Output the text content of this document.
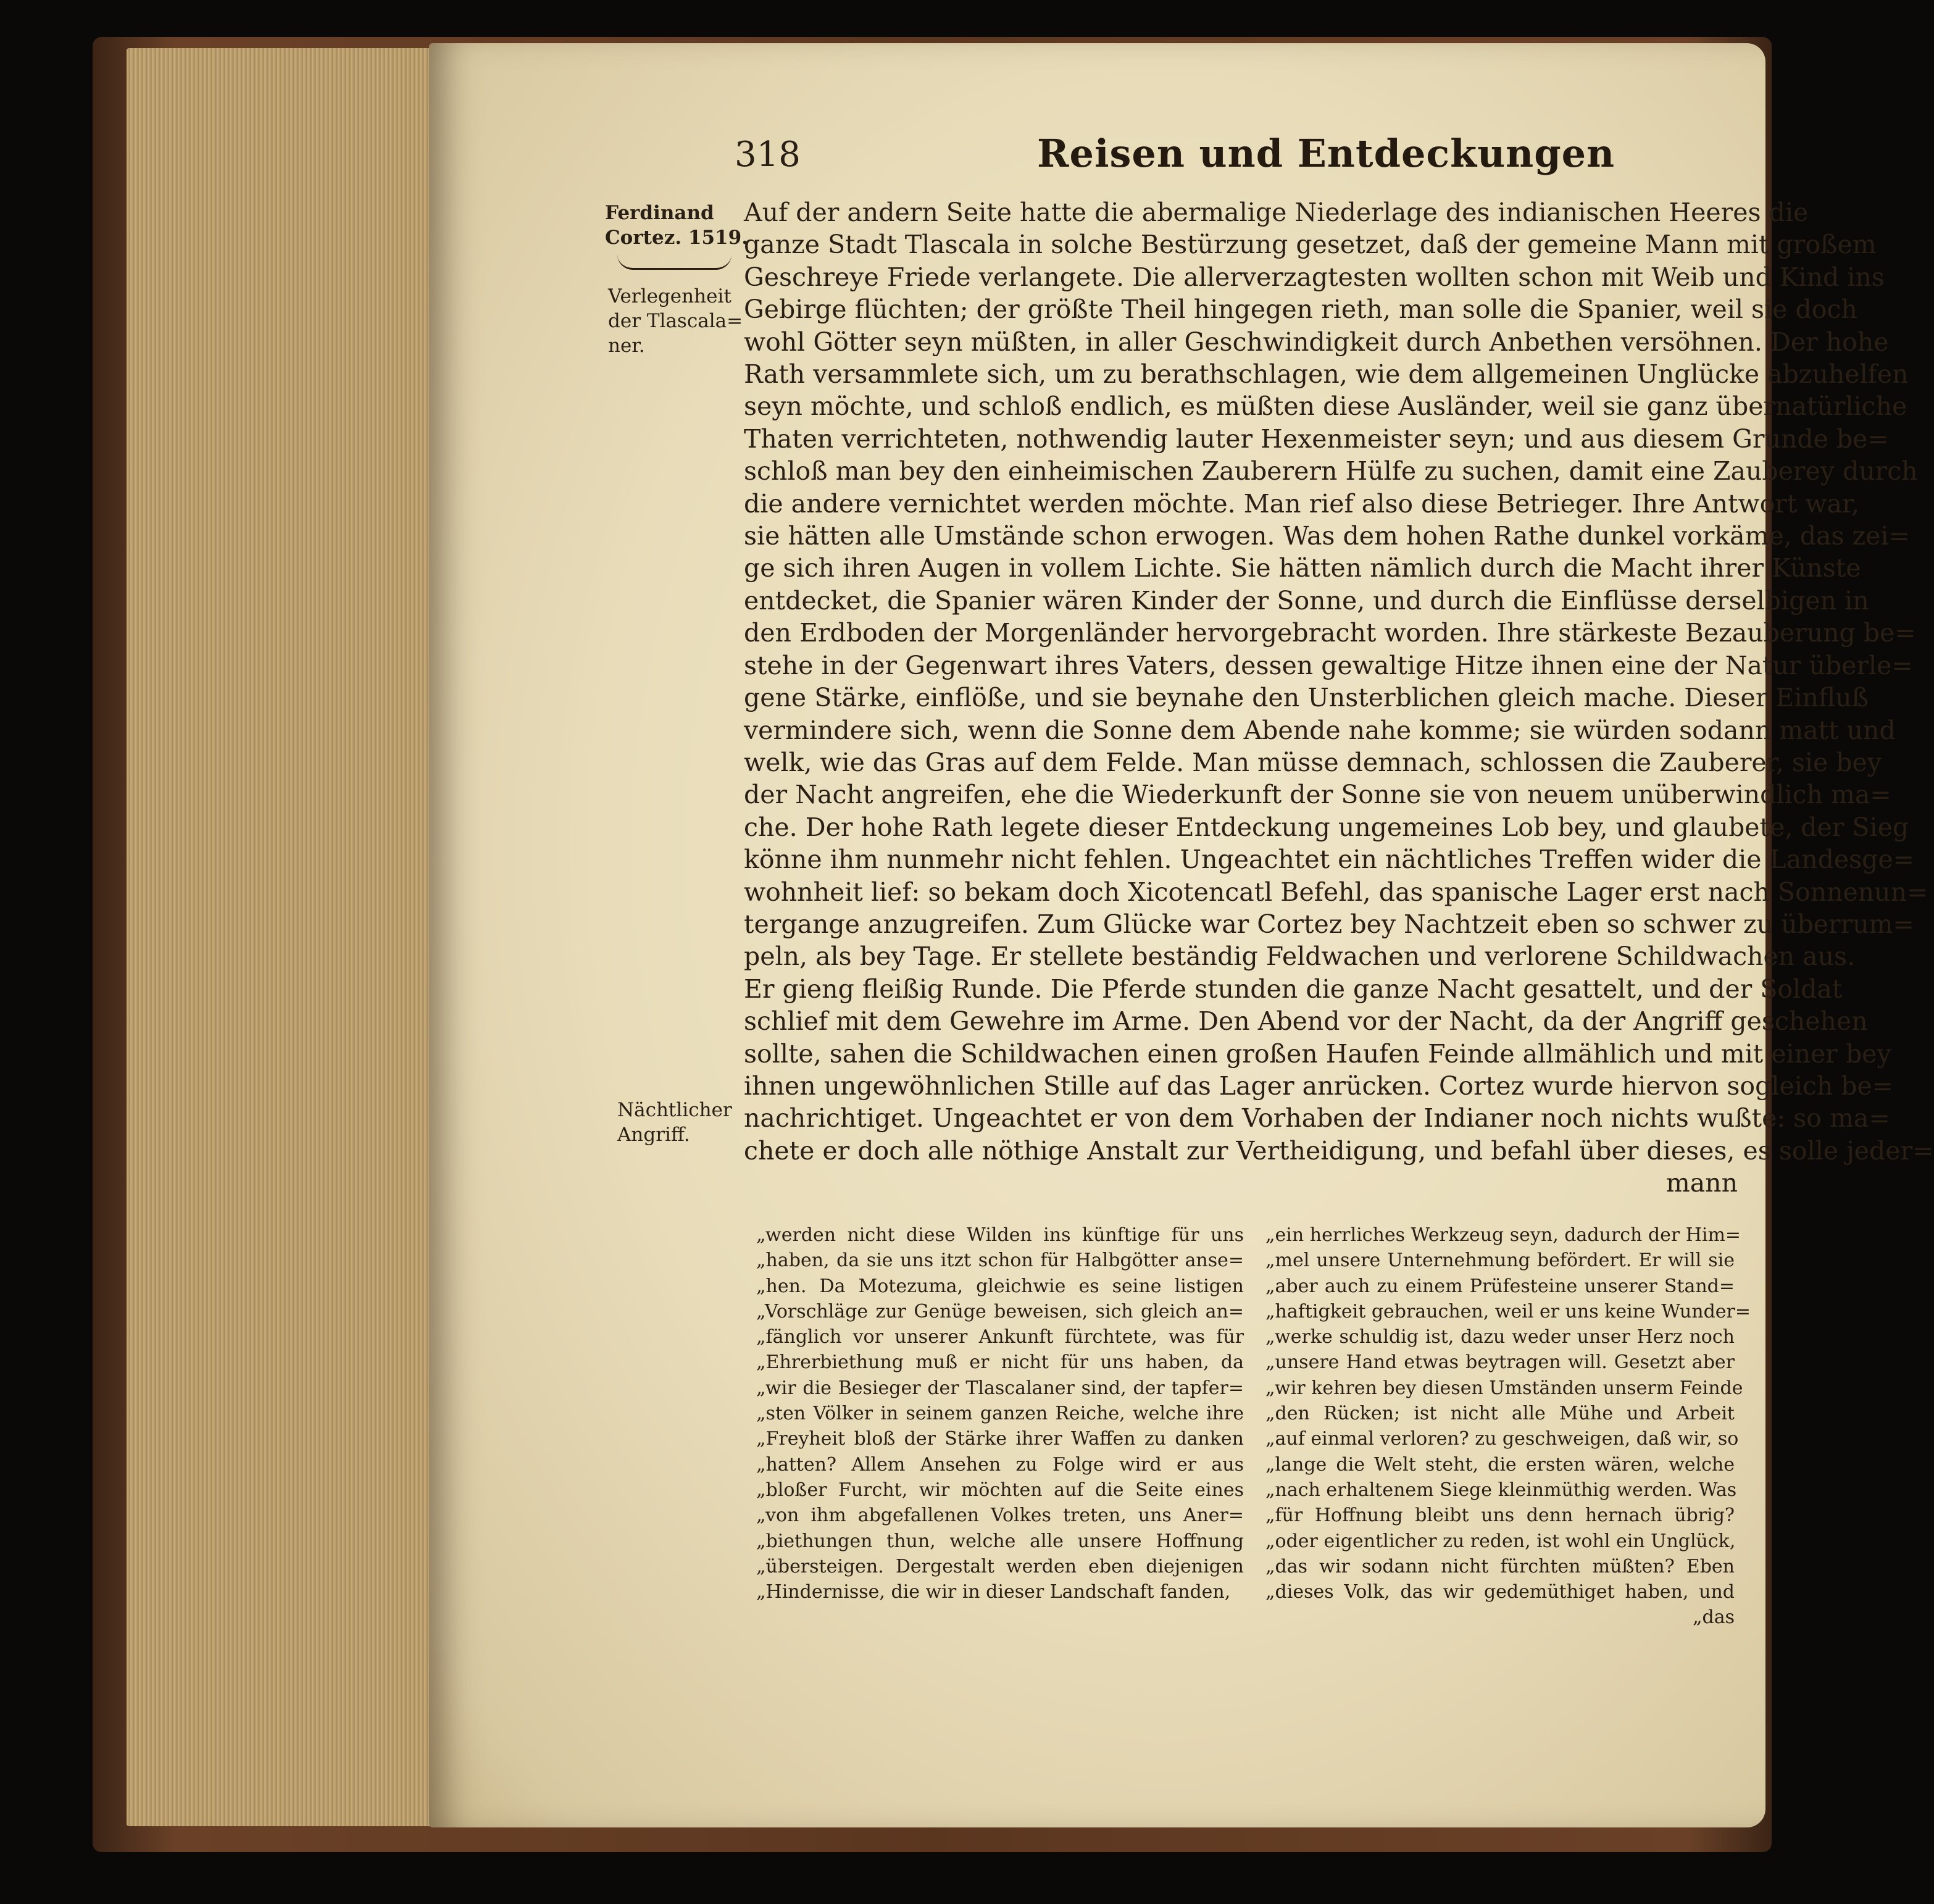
318	Reisen und Entdeckungen
Ferdinand
Cortez. 1519.
Verlegenheit
der Tlascala=
ner.
Nächtlicher
Angriff.
Auf der andern Seite hatte die abermalige Niederlage des indianischen Heeres die
ganze Stadt Tlascala in solche Bestürzung gesetzet, daß der gemeine Mann mit großem
Geschreye Friede verlangete. Die allerverzagtesten wollten schon mit Weib und Kind ins
Gebirge flüchten; der größte Theil hingegen rieth, man solle die Spanier, weil sie doch
wohl Götter seyn müßten, in aller Geschwindigkeit durch Anbethen versöhnen. Der hohe
Rath versammlete sich, um zu berathschlagen, wie dem allgemeinen Unglücke abzuhelfen
seyn möchte, und schloß endlich, es müßten diese Ausländer, weil sie ganz übernatürliche
Thaten verrichteten, nothwendig lauter Hexenmeister seyn; und aus diesem Grunde be=
schloß man bey den einheimischen Zauberern Hülfe zu suchen, damit eine Zauberey durch
die andere vernichtet werden möchte. Man rief also diese Betrieger. Ihre Antwort war,
sie hätten alle Umstände schon erwogen. Was dem hohen Rathe dunkel vorkäme, das zei=
ge sich ihren Augen in vollem Lichte. Sie hätten nämlich durch die Macht ihrer Künste
entdecket, die Spanier wären Kinder der Sonne, und durch die Einflüsse derselbigen in
den Erdboden der Morgenländer hervorgebracht worden. Ihre stärkeste Bezauberung be=
stehe in der Gegenwart ihres Vaters, dessen gewaltige Hitze ihnen eine der Natur überle=
gene Stärke, einflöße, und sie beynahe den Unsterblichen gleich mache. Dieser Einfluß
vermindere sich, wenn die Sonne dem Abende nahe komme; sie würden sodann matt und
welk, wie das Gras auf dem Felde. Man müsse demnach, schlossen die Zauberer, sie bey
der Nacht angreifen, ehe die Wiederkunft der Sonne sie von neuem unüberwindlich ma=
che. Der hohe Rath legete dieser Entdeckung ungemeines Lob bey, und glaubete, der Sieg
könne ihm nunmehr nicht fehlen. Ungeachtet ein nächtliches Treffen wider die Landesge=
wohnheit lief: so bekam doch Xicotencatl Befehl, das spanische Lager erst nach Sonnenun=
tergange anzugreifen. Zum Glücke war Cortez bey Nachtzeit eben so schwer zu überrum=
peln, als bey Tage. Er stellete beständig Feldwachen und verlorene Schildwachen aus.
Er gieng fleißig Runde. Die Pferde stunden die ganze Nacht gesattelt, und der Soldat
schlief mit dem Gewehre im Arme. Den Abend vor der Nacht, da der Angriff geschehen
sollte, sahen die Schildwachen einen großen Haufen Feinde allmählich und mit einer bey
ihnen ungewöhnlichen Stille auf das Lager anrücken. Cortez wurde hiervon sogleich be=
nachrichtiget. Ungeachtet er von dem Vorhaben der Indianer noch nichts wußte: so ma=
chete er doch alle nöthige Anstalt zur Vertheidigung, und befahl über dieses, es solle jeder=
mann
„werden nicht diese Wilden ins künftige für uns
„haben, da sie uns itzt schon für Halbgötter anse=
„hen. Da Motezuma, gleichwie es seine listigen
„Vorschläge zur Genüge beweisen, sich gleich an=
„fänglich vor unserer Ankunft fürchtete, was für
„Ehrerbiethung muß er nicht für uns haben, da
„wir die Besieger der Tlascalaner sind, der tapfer=
„sten Völker in seinem ganzen Reiche, welche ihre
„Freyheit bloß der Stärke ihrer Waffen zu danken
„hatten? Allem Ansehen zu Folge wird er aus
„bloßer Furcht, wir möchten auf die Seite eines
„von ihm abgefallenen Volkes treten, uns Aner=
„biethungen thun, welche alle unsere Hoffnung
„übersteigen. Dergestalt werden eben diejenigen
„Hindernisse, die wir in dieser Landschaft fanden,
„ein herrliches Werkzeug seyn, dadurch der Him=
„mel unsere Unternehmung befördert. Er will sie
„aber auch zu einem Prüfesteine unserer Stand=
„haftigkeit gebrauchen, weil er uns keine Wunder=
„werke schuldig ist, dazu weder unser Herz noch
„unsere Hand etwas beytragen will. Gesetzt aber
„wir kehren bey diesen Umständen unserm Feinde
„den Rücken; ist nicht alle Mühe und Arbeit
„auf einmal verloren? zu geschweigen, daß wir, so
„lange die Welt steht, die ersten wären, welche
„nach erhaltenem Siege kleinmüthig werden. Was
„für Hoffnung bleibt uns denn hernach übrig?
„oder eigentlicher zu reden, ist wohl ein Unglück,
„das wir sodann nicht fürchten müßten? Eben
„dieses Volk, das wir gedemüthiget haben, und
„das
